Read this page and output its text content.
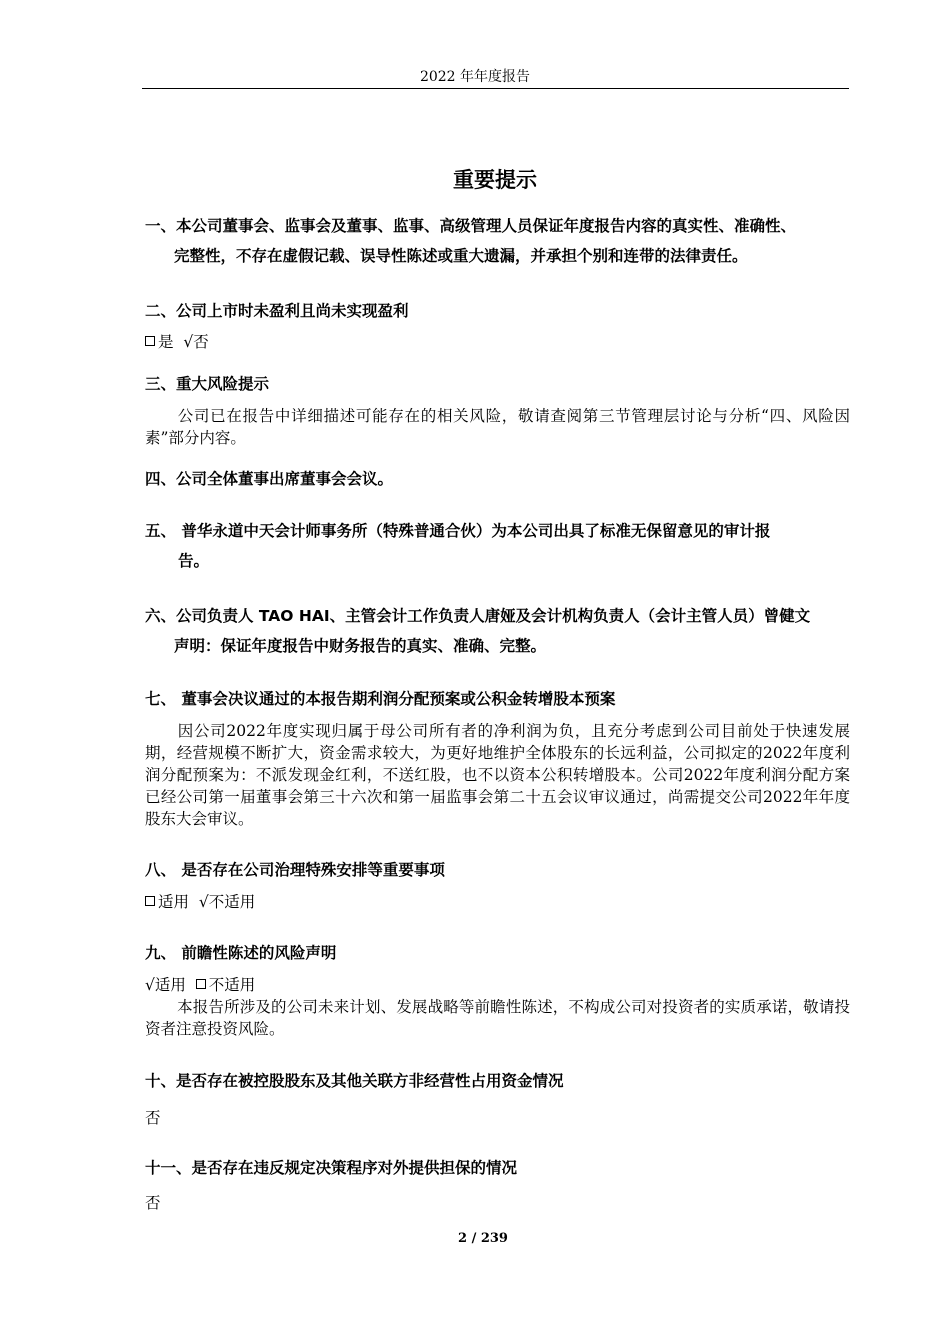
2022 年年度报告
重要提示
一、本公司董事会、监事会及董事、监事、高级管理人员保证年度报告内容的真实性、准确性、
完整性，不存在虚假记载、误导性陈述或重大遗漏，并承担个别和连带的法律责任。
二、公司上市时未盈利且尚未实现盈利
是 √否
三、重大风险提示
公司已在报告中详细描述可能存在的相关风险，敬请查阅第三节管理层讨论与分析“四、风险因素”部分内容。
四、公司全体董事出席董事会会议。
五、 普华永道中天会计师事务所（特殊普通合伙）为本公司出具了标准无保留意见的审计报
告。
六、公司负责人 TAO HAI、主管会计工作负责人唐娅及会计机构负责人（会计主管人员）曾健文
声明：保证年度报告中财务报告的真实、准确、完整。
七、 董事会决议通过的本报告期利润分配预案或公积金转增股本预案
因公司2022年度实现归属于母公司所有者的净利润为负，且充分考虑到公司目前处于快速发展期，经营规模不断扩大，资金需求较大，为更好地维护全体股东的长远利益，公司拟定的2022年度利润分配预案为：不派发现金红利，不送红股，也不以资本公积转增股本。公司2022年度利润分配方案已经公司第一届董事会第三十六次和第一届监事会第二十五会议审议通过，尚需提交公司2022年年度股东大会审议。
八、 是否存在公司治理特殊安排等重要事项
适用 √不适用
九、 前瞻性陈述的风险声明
√适用 不适用
本报告所涉及的公司未来计划、发展战略等前瞻性陈述，不构成公司对投资者的实质承诺，敬请投资者注意投资风险。
十、是否存在被控股股东及其他关联方非经营性占用资金情况
否
十一、是否存在违反规定决策程序对外提供担保的情况
否
2 / 239
